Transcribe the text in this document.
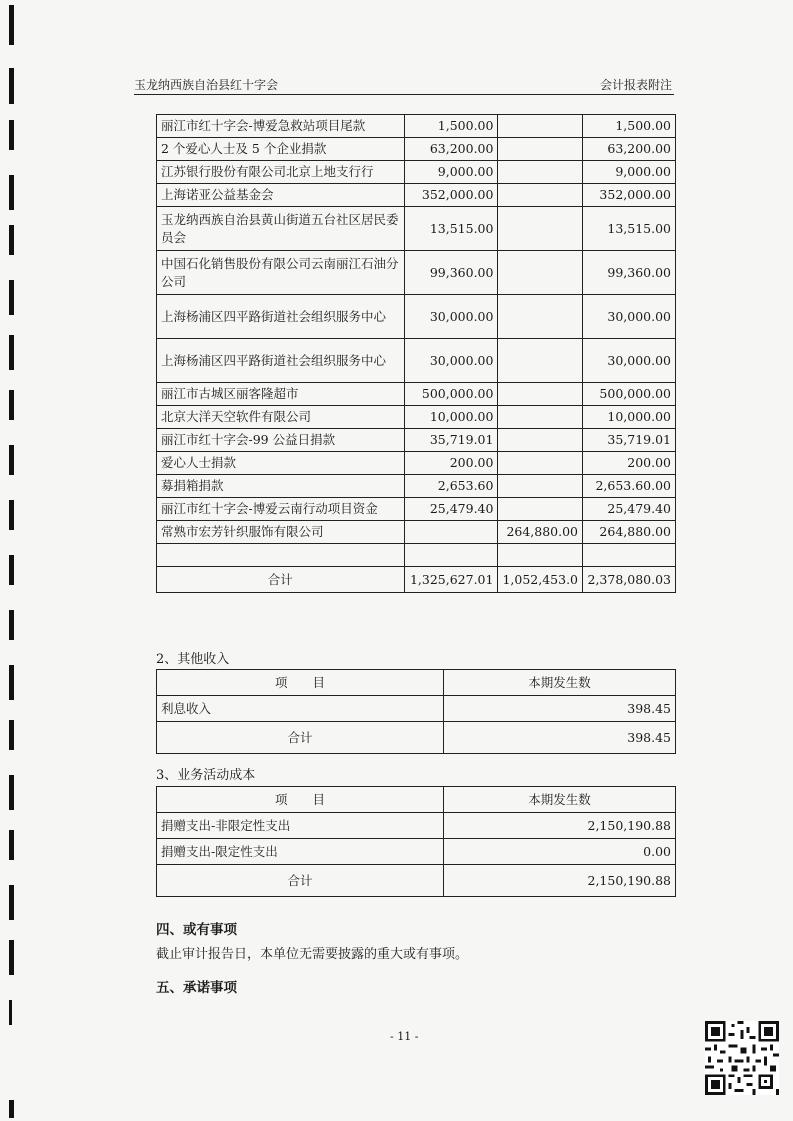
玉龙纳西族自治县红十字会	会计报表附注
丽江市红十字会-博爱急救站项目尾款	1,500.00		1,500.00
2 个爱心人士及 5 个企业捐款	63,200.00		63,200.00
江苏银行股份有限公司北京上地支行行	9,000.00		9,000.00
上海诺亚公益基金会	352,000.00		352,000.00
玉龙纳西族自治县黄山街道五台社区居民委员会	13,515.00		13,515.00
中国石化销售股份有限公司云南丽江石油分公司	99,360.00		99,360.00
上海杨浦区四平路街道社会组织服务中心	30,000.00		30,000.00
上海杨浦区四平路街道社会组织服务中心	30,000.00		30,000.00
丽江市古城区丽客隆超市	500,000.00		500,000.00
北京大洋天空软件有限公司	10,000.00		10,000.00
丽江市红十字会-99 公益日捐款	35,719.01		35,719.01
爱心人士捐款	200.00		200.00
募捐箱捐款	2,653.60		2,653.60.00
丽江市红十字会-博爱云南行动项目资金	25,479.40		25,479.40
常熟市宏芳针织服饰有限公司		264,880.00	264,880.00

合计	1,325,627.01	1,052,453.0	2,378,080.03
2、其他收入
项　　目	本期发生数
利息收入	398.45
合计	398.45
3、业务活动成本
项　　目	本期发生数
捐赠支出-非限定性支出	2,150,190.88
捐赠支出-限定性支出	0.00
合计	2,150,190.88
四、或有事项
截止审计报告日，本单位无需要披露的重大或有事项。
五、承诺事项
- 11 -
